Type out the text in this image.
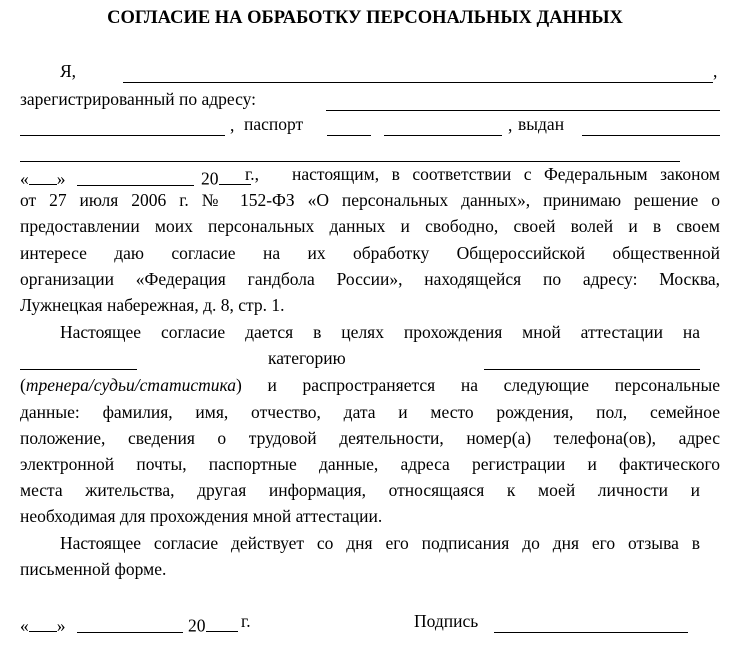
СОГЛАСИЕ НА ОБРАБОТКУ ПЕРСОНАЛЬНЫХ ДАННЫХ
Я,	,
зарегистрированный по адресу:
, паспорт	, выдан
« »	20	г., настоящим, в соответствии с Федеральным законом
от 27 июля 2006 г. № 152-ФЗ «О персональных данных», принимаю решение о
предоставлении моих персональных данных и свободно, своей волей и в своем
интересе даю согласие на их обработку Общероссийской общественной
организации «Федерация гандбола России», находящейся по адресу: Москва,
Лужнецкая набережная, д. 8, стр. 1.
Настоящее согласие дается в целях прохождения мной аттестации на
категорию
(тренера/судьи/статистика) и распространяется на следующие персональные
данные: фамилия, имя, отчество, дата и место рождения, пол, семейное
положение, сведения о трудовой деятельности, номер(а) телефона(ов), адрес
электронной почты, паспортные данные, адреса регистрации и фактического
места жительства, другая информация, относящаяся к моей личности и
необходимая для прохождения мной аттестации.
Настоящее согласие действует со дня его подписания до дня его отзыва в
письменной форме.
« »	20	г.	Подпись
